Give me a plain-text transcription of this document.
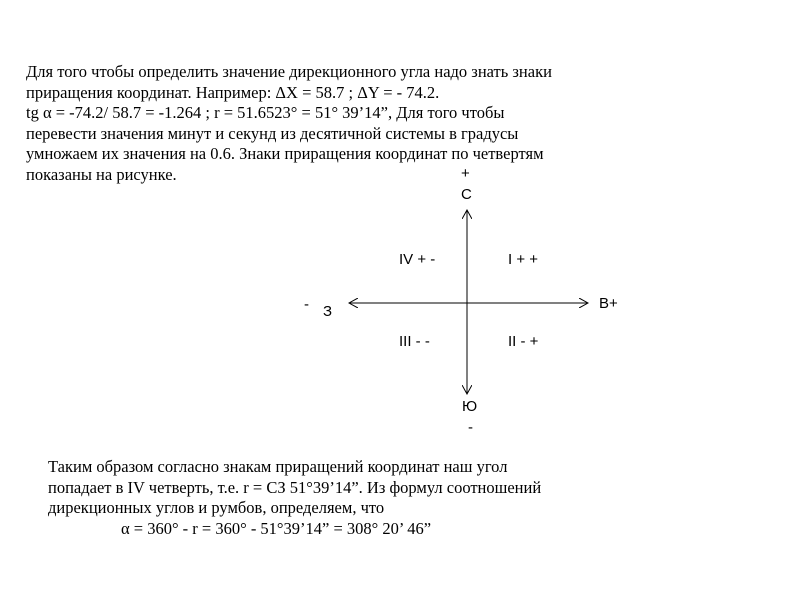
Для того чтобы определить значение дирекционного угла надо знать знаки
приращения координат. Например: ΔX = 58.7 ; ΔY = - 74.2.
tg α = -74.2/ 58.7 = -1.264 ; r = 51.6523° = 51° 39’14”, Для того чтобы
перевести значения минут и секунд из десятичной системы в градусы
умножаем их значения на 0.6. Знаки приращения координат по четвертям
показаны на рисунке.	+
С
IV + -	I + +
- З	В+
III - -	II - +
Ю
-
Таким образом согласно знакам приращений координат наш угол
попадает в IV четверть, т.е. r = СЗ 51°39’14”. Из формул соотношений
дирекционных углов и румбов, определяем, что
α = 360° - r = 360° - 51°39’14” = 308° 20’ 46”
